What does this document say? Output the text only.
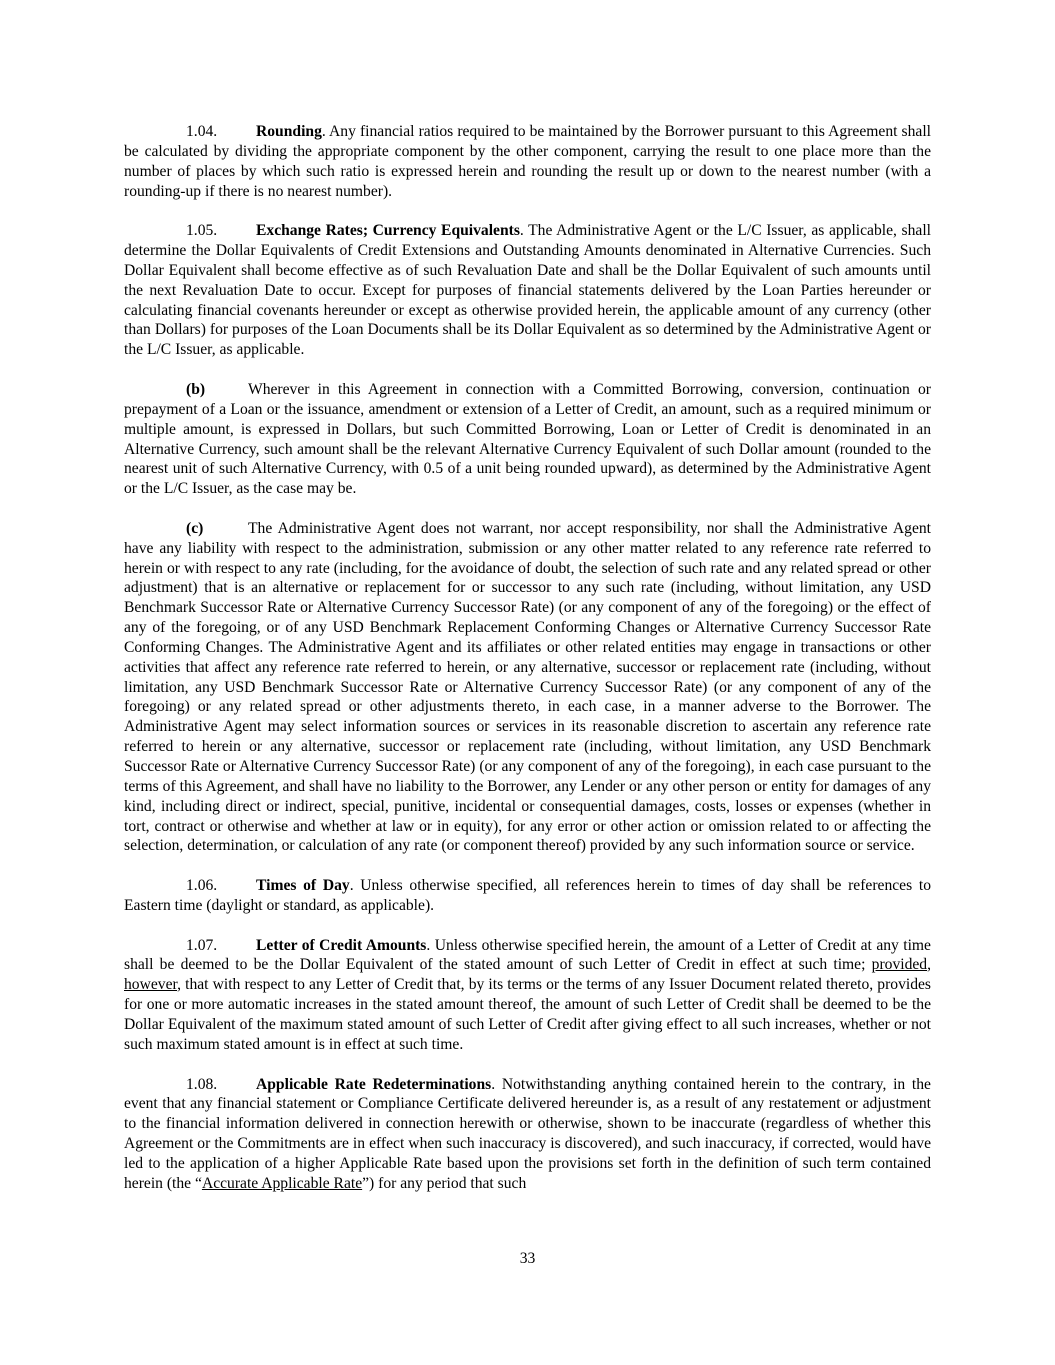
1.04. Rounding. Any financial ratios required to be maintained by the Borrower pursuant to this Agreement shall be calculated by dividing the appropriate component by the other component, carrying the result to one place more than the number of places by which such ratio is expressed herein and rounding the result up or down to the nearest number (with a rounding-up if there is no nearest number).

1.05. Exchange Rates; Currency Equivalents. The Administrative Agent or the L/C Issuer, as applicable, shall determine the Dollar Equivalents of Credit Extensions and Outstanding Amounts denominated in Alternative Currencies. Such Dollar Equivalent shall become effective as of such Revaluation Date and shall be the Dollar Equivalent of such amounts until the next Revaluation Date to occur. Except for purposes of financial statements delivered by the Loan Parties hereunder or calculating financial covenants hereunder or except as otherwise provided herein, the applicable amount of any currency (other than Dollars) for purposes of the Loan Documents shall be its Dollar Equivalent as so determined by the Administrative Agent or the L/C Issuer, as applicable.

(b)	Wherever in this Agreement in connection with a Committed Borrowing, conversion, continuation or prepayment of a Loan or the issuance, amendment or extension of a Letter of Credit, an amount, such as a required minimum or multiple amount, is expressed in Dollars, but such Committed Borrowing, Loan or Letter of Credit is denominated in an Alternative Currency, such amount shall be the relevant Alternative Currency Equivalent of such Dollar amount (rounded to the nearest unit of such Alternative Currency, with 0.5 of a unit being rounded upward), as determined by the Administrative Agent or the L/C Issuer, as the case may be.

(c)	The Administrative Agent does not warrant, nor accept responsibility, nor shall the Administrative Agent have any liability with respect to the administration, submission or any other matter related to any reference rate referred to herein or with respect to any rate (including, for the avoidance of doubt, the selection of such rate and any related spread or other adjustment) that is an alternative or replacement for or successor to any such rate (including, without limitation, any USD Benchmark Successor Rate or Alternative Currency Successor Rate) (or any component of any of the foregoing) or the effect of any of the foregoing, or of any USD Benchmark Replacement Conforming Changes or Alternative Currency Successor Rate Conforming Changes. The Administrative Agent and its affiliates or other related entities may engage in transactions or other activities that affect any reference rate referred to herein, or any alternative, successor or replacement rate (including, without limitation, any USD Benchmark Successor Rate or Alternative Currency Successor Rate) (or any component of any of the foregoing) or any related spread or other adjustments thereto, in each case, in a manner adverse to the Borrower. The Administrative Agent may select information sources or services in its reasonable discretion to ascertain any reference rate referred to herein or any alternative, successor or replacement rate (including, without limitation, any USD Benchmark Successor Rate or Alternative Currency Successor Rate) (or any component of any of the foregoing), in each case pursuant to the terms of this Agreement, and shall have no liability to the Borrower, any Lender or any other person or entity for damages of any kind, including direct or indirect, special, punitive, incidental or consequential damages, costs, losses or expenses (whether in tort, contract or otherwise and whether at law or in equity), for any error or other action or omission related to or affecting the selection, determination, or calculation of any rate (or component thereof) provided by any such information source or service.

1.06. Times of Day. Unless otherwise specified, all references herein to times of day shall be references to Eastern time (daylight or standard, as applicable).

1.07. Letter of Credit Amounts. Unless otherwise specified herein, the amount of a Letter of Credit at any time shall be deemed to be the Dollar Equivalent of the stated amount of such Letter of Credit in effect at such time; provided, however, that with respect to any Letter of Credit that, by its terms or the terms of any Issuer Document related thereto, provides for one or more automatic increases in the stated amount thereof, the amount of such Letter of Credit shall be deemed to be the Dollar Equivalent of the maximum stated amount of such Letter of Credit after giving effect to all such increases, whether or not such maximum stated amount is in effect at such time.

1.08. Applicable Rate Redeterminations. Notwithstanding anything contained herein to the contrary, in the event that any financial statement or Compliance Certificate delivered hereunder is, as a result of any restatement or adjustment to the financial information delivered in connection herewith or otherwise, shown to be inaccurate (regardless of whether this Agreement or the Commitments are in effect when such inaccuracy is discovered), and such inaccuracy, if corrected, would have led to the application of a higher Applicable Rate based upon the provisions set forth in the definition of such term contained herein (the “Accurate Applicable Rate”) for any period that such

33
